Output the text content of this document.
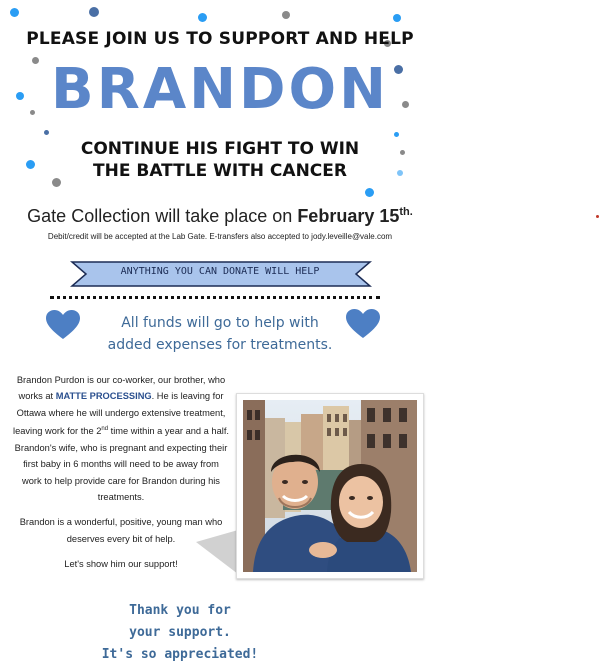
PLEASE JOIN US TO SUPPORT AND HELP
BRANDON
CONTINUE HIS FIGHT TO WIN
THE BATTLE WITH CANCER
Gate Collection will take place on February $15^{th.}$
Debit/credit will be accepted at the Lab Gate. E-transfers also accepted to jody.leveille@vale.com
ANYTHING YOU CAN DONATE WILL HELP
All funds will go to help with
added expenses for treatments.

Brandon Purdon is our co-worker, our brother, who works at MATTE PROCESSING. He is leaving for Ottawa where he will undergo extensive treatment, leaving work for the 2nd time within a year and a half. Brandon's wife, who is pregnant and expecting their first baby in 6 months will need to be away from work to help provide care for Brandon during his treatments.

Brandon is a wonderful, positive, young man who deserves every bit of help.

Let's show him our support!

Thank you for
your support.
It's so appreciated!
